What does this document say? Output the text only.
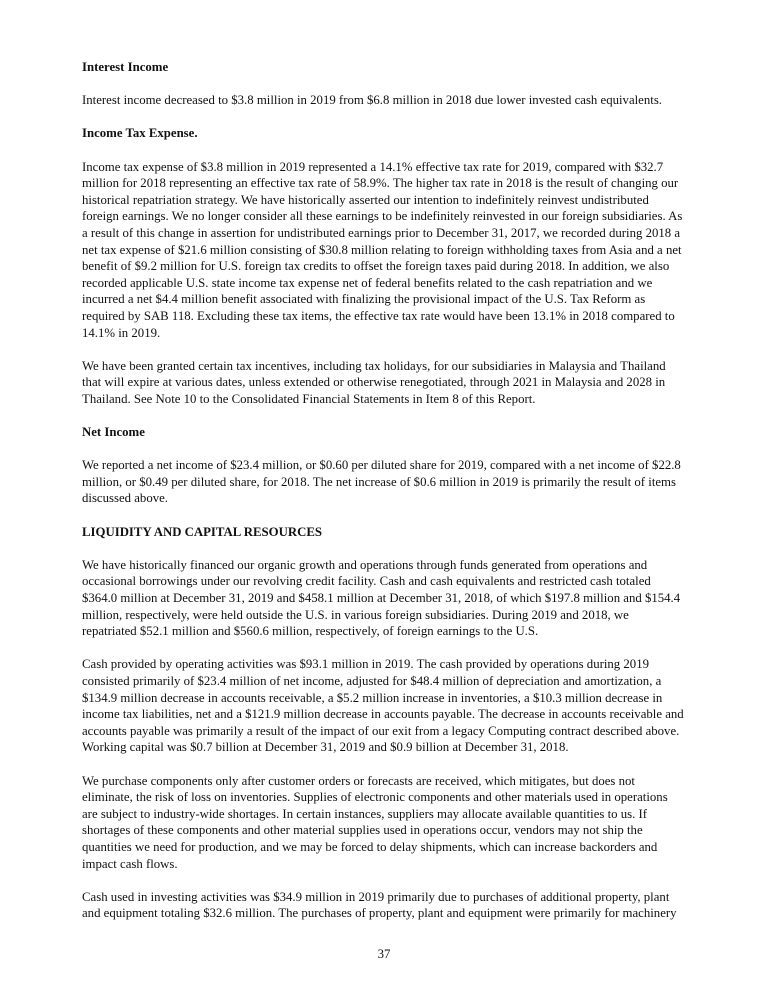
Interest Income

Interest income decreased to $3.8 million in 2019 from $6.8 million in 2018 due lower invested cash equivalents.

Income Tax Expense.

Income tax expense of $3.8 million in 2019 represented a 14.1% effective tax rate for 2019, compared with $32.7 million for 2018 representing an effective tax rate of 58.9%. The higher tax rate in 2018 is the result of changing our historical repatriation strategy. We have historically asserted our intention to indefinitely reinvest undistributed foreign earnings. We no longer consider all these earnings to be indefinitely reinvested in our foreign subsidiaries. As a result of this change in assertion for undistributed earnings prior to December 31, 2017, we recorded during 2018 a net tax expense of $21.6 million consisting of $30.8 million relating to foreign withholding taxes from Asia and a net benefit of $9.2 million for U.S. foreign tax credits to offset the foreign taxes paid during 2018. In addition, we also recorded applicable U.S. state income tax expense net of federal benefits related to the cash repatriation and we incurred a net $4.4 million benefit associated with finalizing the provisional impact of the U.S. Tax Reform as required by SAB 118. Excluding these tax items, the effective tax rate would have been 13.1% in 2018 compared to 14.1% in 2019.

We have been granted certain tax incentives, including tax holidays, for our subsidiaries in Malaysia and Thailand that will expire at various dates, unless extended or otherwise renegotiated, through 2021 in Malaysia and 2028 in Thailand. See Note 10 to the Consolidated Financial Statements in Item 8 of this Report.

Net Income

We reported a net income of $23.4 million, or $0.60 per diluted share for 2019, compared with a net income of $22.8 million, or $0.49 per diluted share, for 2018. The net increase of $0.6 million in 2019 is primarily the result of items discussed above.

LIQUIDITY AND CAPITAL RESOURCES

We have historically financed our organic growth and operations through funds generated from operations and occasional borrowings under our revolving credit facility. Cash and cash equivalents and restricted cash totaled $364.0 million at December 31, 2019 and $458.1 million at December 31, 2018, of which $197.8 million and $154.4 million, respectively, were held outside the U.S. in various foreign subsidiaries. During 2019 and 2018, we repatriated $52.1 million and $560.6 million, respectively, of foreign earnings to the U.S.

Cash provided by operating activities was $93.1 million in 2019. The cash provided by operations during 2019 consisted primarily of $23.4 million of net income, adjusted for $48.4 million of depreciation and amortization, a $134.9 million decrease in accounts receivable, a $5.2 million increase in inventories, a $10.3 million decrease in income tax liabilities, net and a $121.9 million decrease in accounts payable. The decrease in accounts receivable and accounts payable was primarily a result of the impact of our exit from a legacy Computing contract described above. Working capital was $0.7 billion at December 31, 2019 and $0.9 billion at December 31, 2018.

We purchase components only after customer orders or forecasts are received, which mitigates, but does not eliminate, the risk of loss on inventories. Supplies of electronic components and other materials used in operations are subject to industry-wide shortages. In certain instances, suppliers may allocate available quantities to us. If shortages of these components and other material supplies used in operations occur, vendors may not ship the quantities we need for production, and we may be forced to delay shipments, which can increase backorders and impact cash flows.

Cash used in investing activities was $34.9 million in 2019 primarily due to purchases of additional property, plant and equipment totaling $32.6 million. The purchases of property, plant and equipment were primarily for machinery

37
